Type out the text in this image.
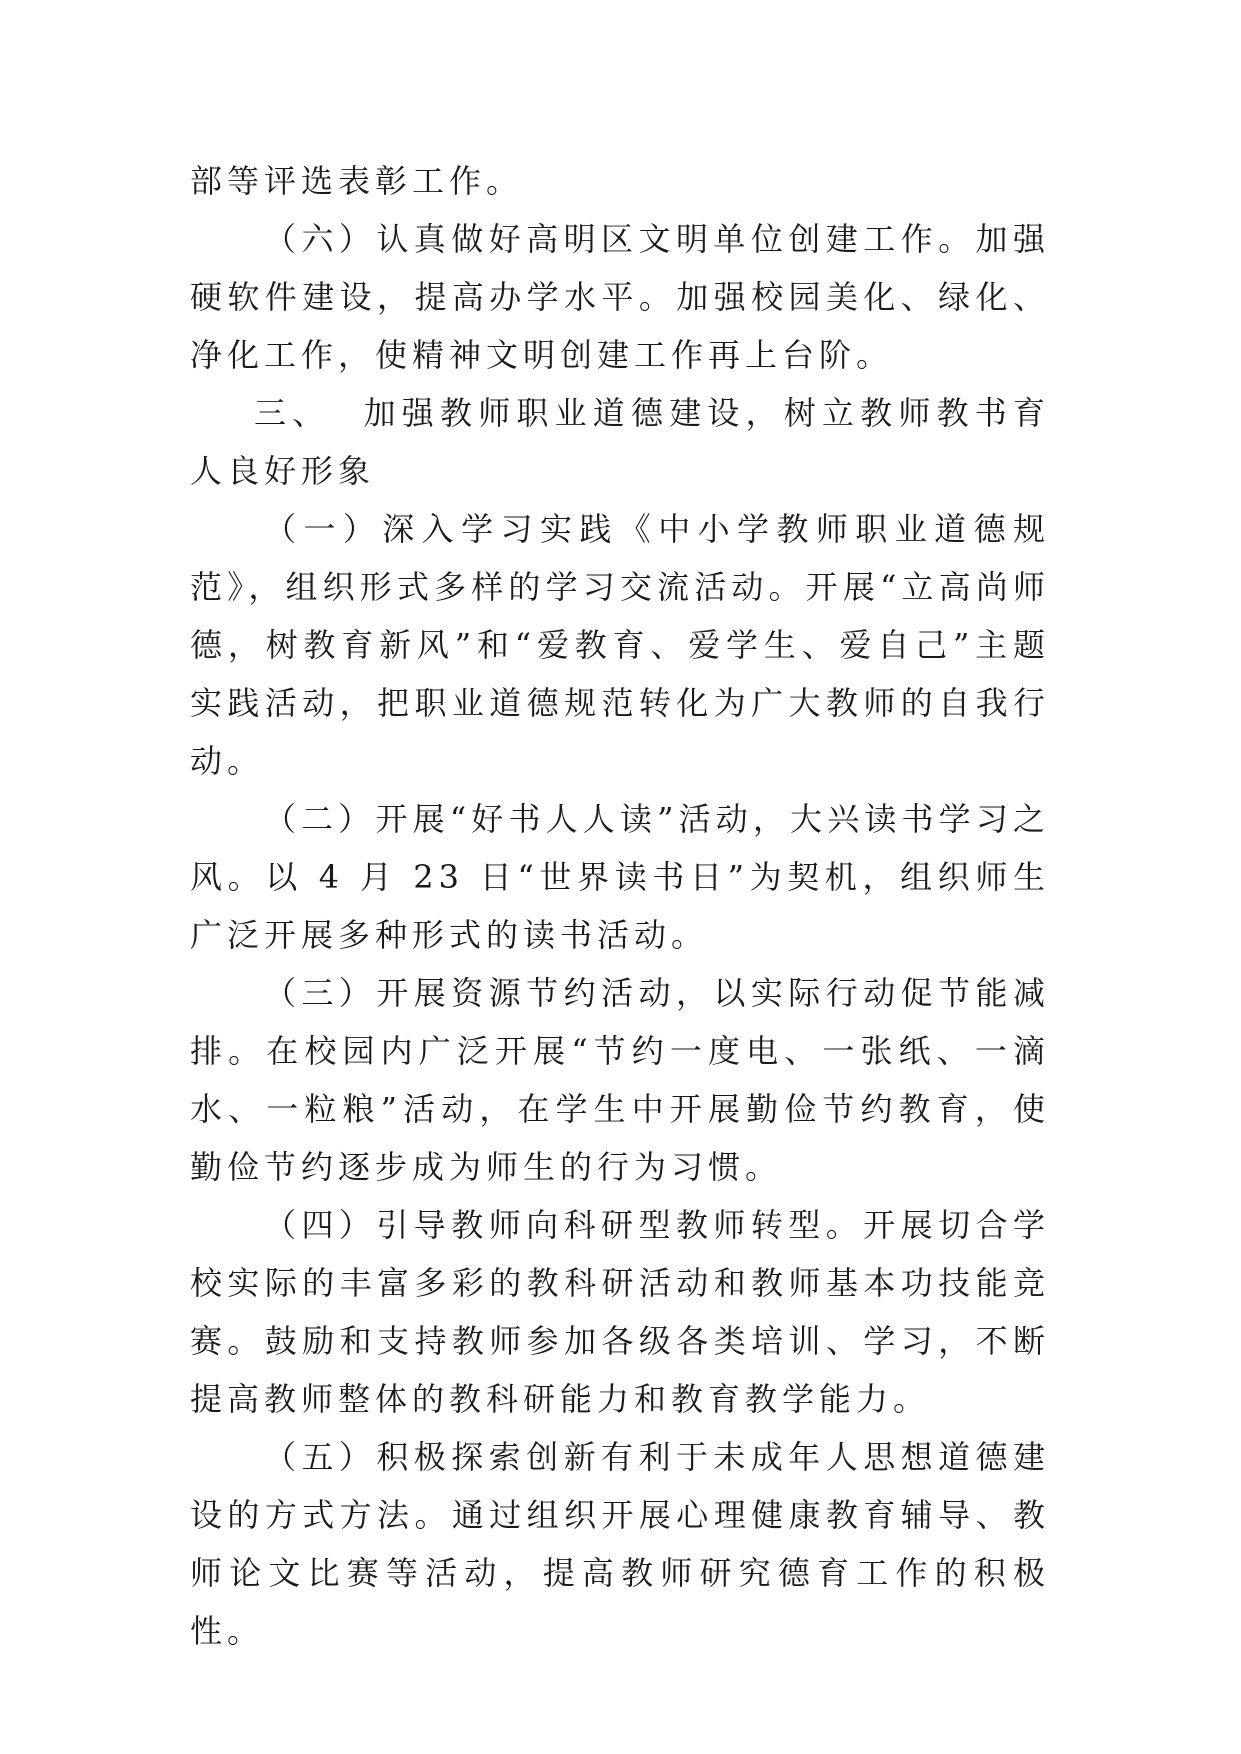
部等评选表彰工作。

（六）认真做好高明区文明单位创建工作。加强硬软件建设，提高办学水平。加强校园美化、绿化、净化工作，使精神文明创建工作再上台阶。

三、 加强教师职业道德建设，树立教师教书育人良好形象

（一）深入学习实践《中小学教师职业道德规范》，组织形式多样的学习交流活动。开展“立高尚师德，树教育新风”和“爱教育、爱学生、爱自己”主题实践活动，把职业道德规范转化为广大教师的自我行动。

（二）开展“好书人人读”活动，大兴读书学习之风。以 4 月 23 日“世界读书日”为契机，组织师生广泛开展多种形式的读书活动。

（三）开展资源节约活动，以实际行动促节能减排。在校园内广泛开展“节约一度电、一张纸、一滴水、一粒粮”活动，在学生中开展勤俭节约教育，使勤俭节约逐步成为师生的行为习惯。

（四）引导教师向科研型教师转型。开展切合学校实际的丰富多彩的教科研活动和教师基本功技能竞赛。鼓励和支持教师参加各级各类培训、学习，不断提高教师整体的教科研能力和教育教学能力。

（五）积极探索创新有利于未成年人思想道德建设的方式方法。通过组织开展心理健康教育辅导、教师论文比赛等活动，提高教师研究德育工作的积极性。
